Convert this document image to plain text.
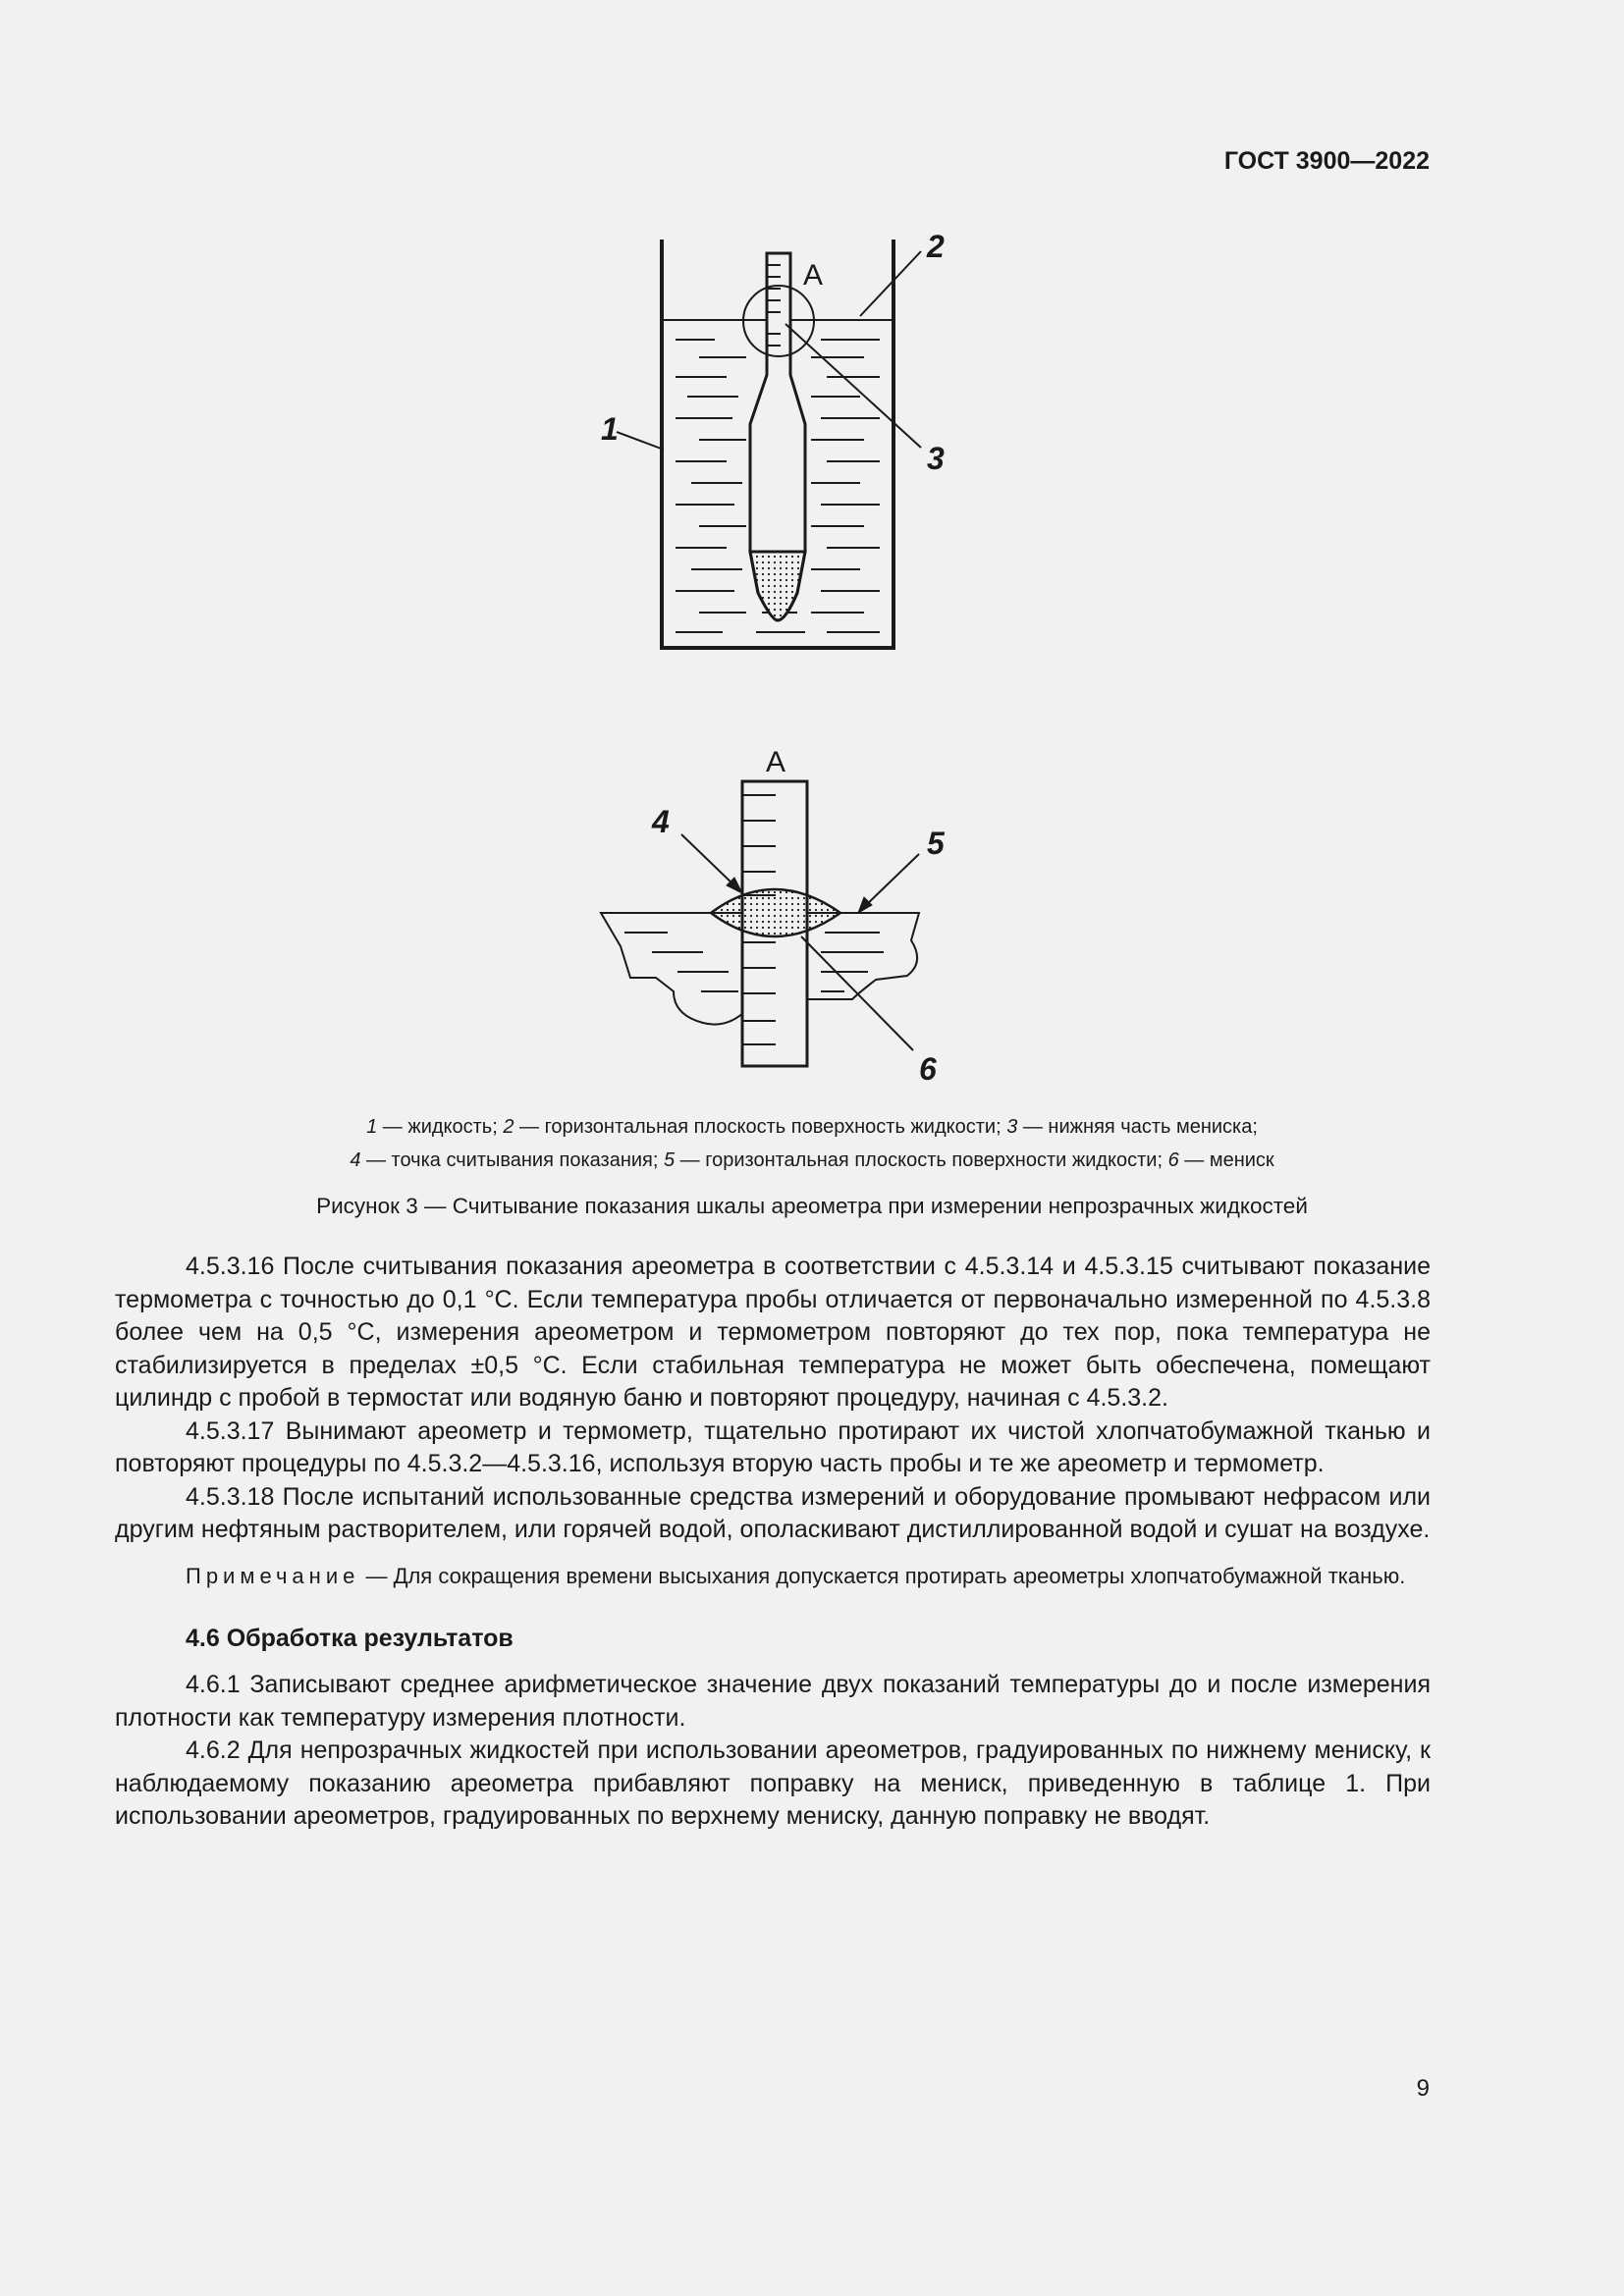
ГОСТ 3900—2022
1
2
3
A
A
4
5
6
1 — жидкость; 2 — горизонтальная плоскость поверхность жидкости; 3 — нижняя часть мениска;
4 — точка считывания показания; 5 — горизонтальная плоскость поверхности жидкости; 6 — мениск
Рисунок 3 — Считывание показания шкалы ареометра при измерении непрозрачных жидкостей

4.5.3.16 После считывания показания ареометра в соответствии с 4.5.3.14 и 4.5.3.15 считывают показание термометра с точностью до 0,1 °С. Если температура пробы отличается от первоначально измеренной по 4.5.3.8 более чем на 0,5 °С, измерения ареометром и термометром повторяют до тех пор, пока температура не стабилизируется в пределах ±0,5 °С. Если стабильная температура не может быть обеспечена, помещают цилиндр с пробой в термостат или водяную баню и повторяют процедуру, начиная с 4.5.3.2.

4.5.3.17 Вынимают ареометр и термометр, тщательно протирают их чистой хлопчатобумажной тканью и повторяют процедуры по 4.5.3.2—4.5.3.16, используя вторую часть пробы и те же ареометр и термометр.

4.5.3.18 После испытаний использованные средства измерений и оборудование промывают нефрасом или другим нефтяным растворителем, или горячей водой, ополаскивают дистиллированной водой и сушат на воздухе.

Примечание — Для сокращения времени высыхания допускается протирать ареометры хлопчатобумажной тканью.

4.6 Обработка результатов

4.6.1 Записывают среднее арифметическое значение двух показаний температуры до и после измерения плотности как температуру измерения плотности.

4.6.2 Для непрозрачных жидкостей при использовании ареометров, градуированных по нижнему мениску, к наблюдаемому показанию ареометра прибавляют поправку на мениск, приведенную в таблице 1. При использовании ареометров, градуированных по верхнему мениску, данную поправку не вводят.

9
